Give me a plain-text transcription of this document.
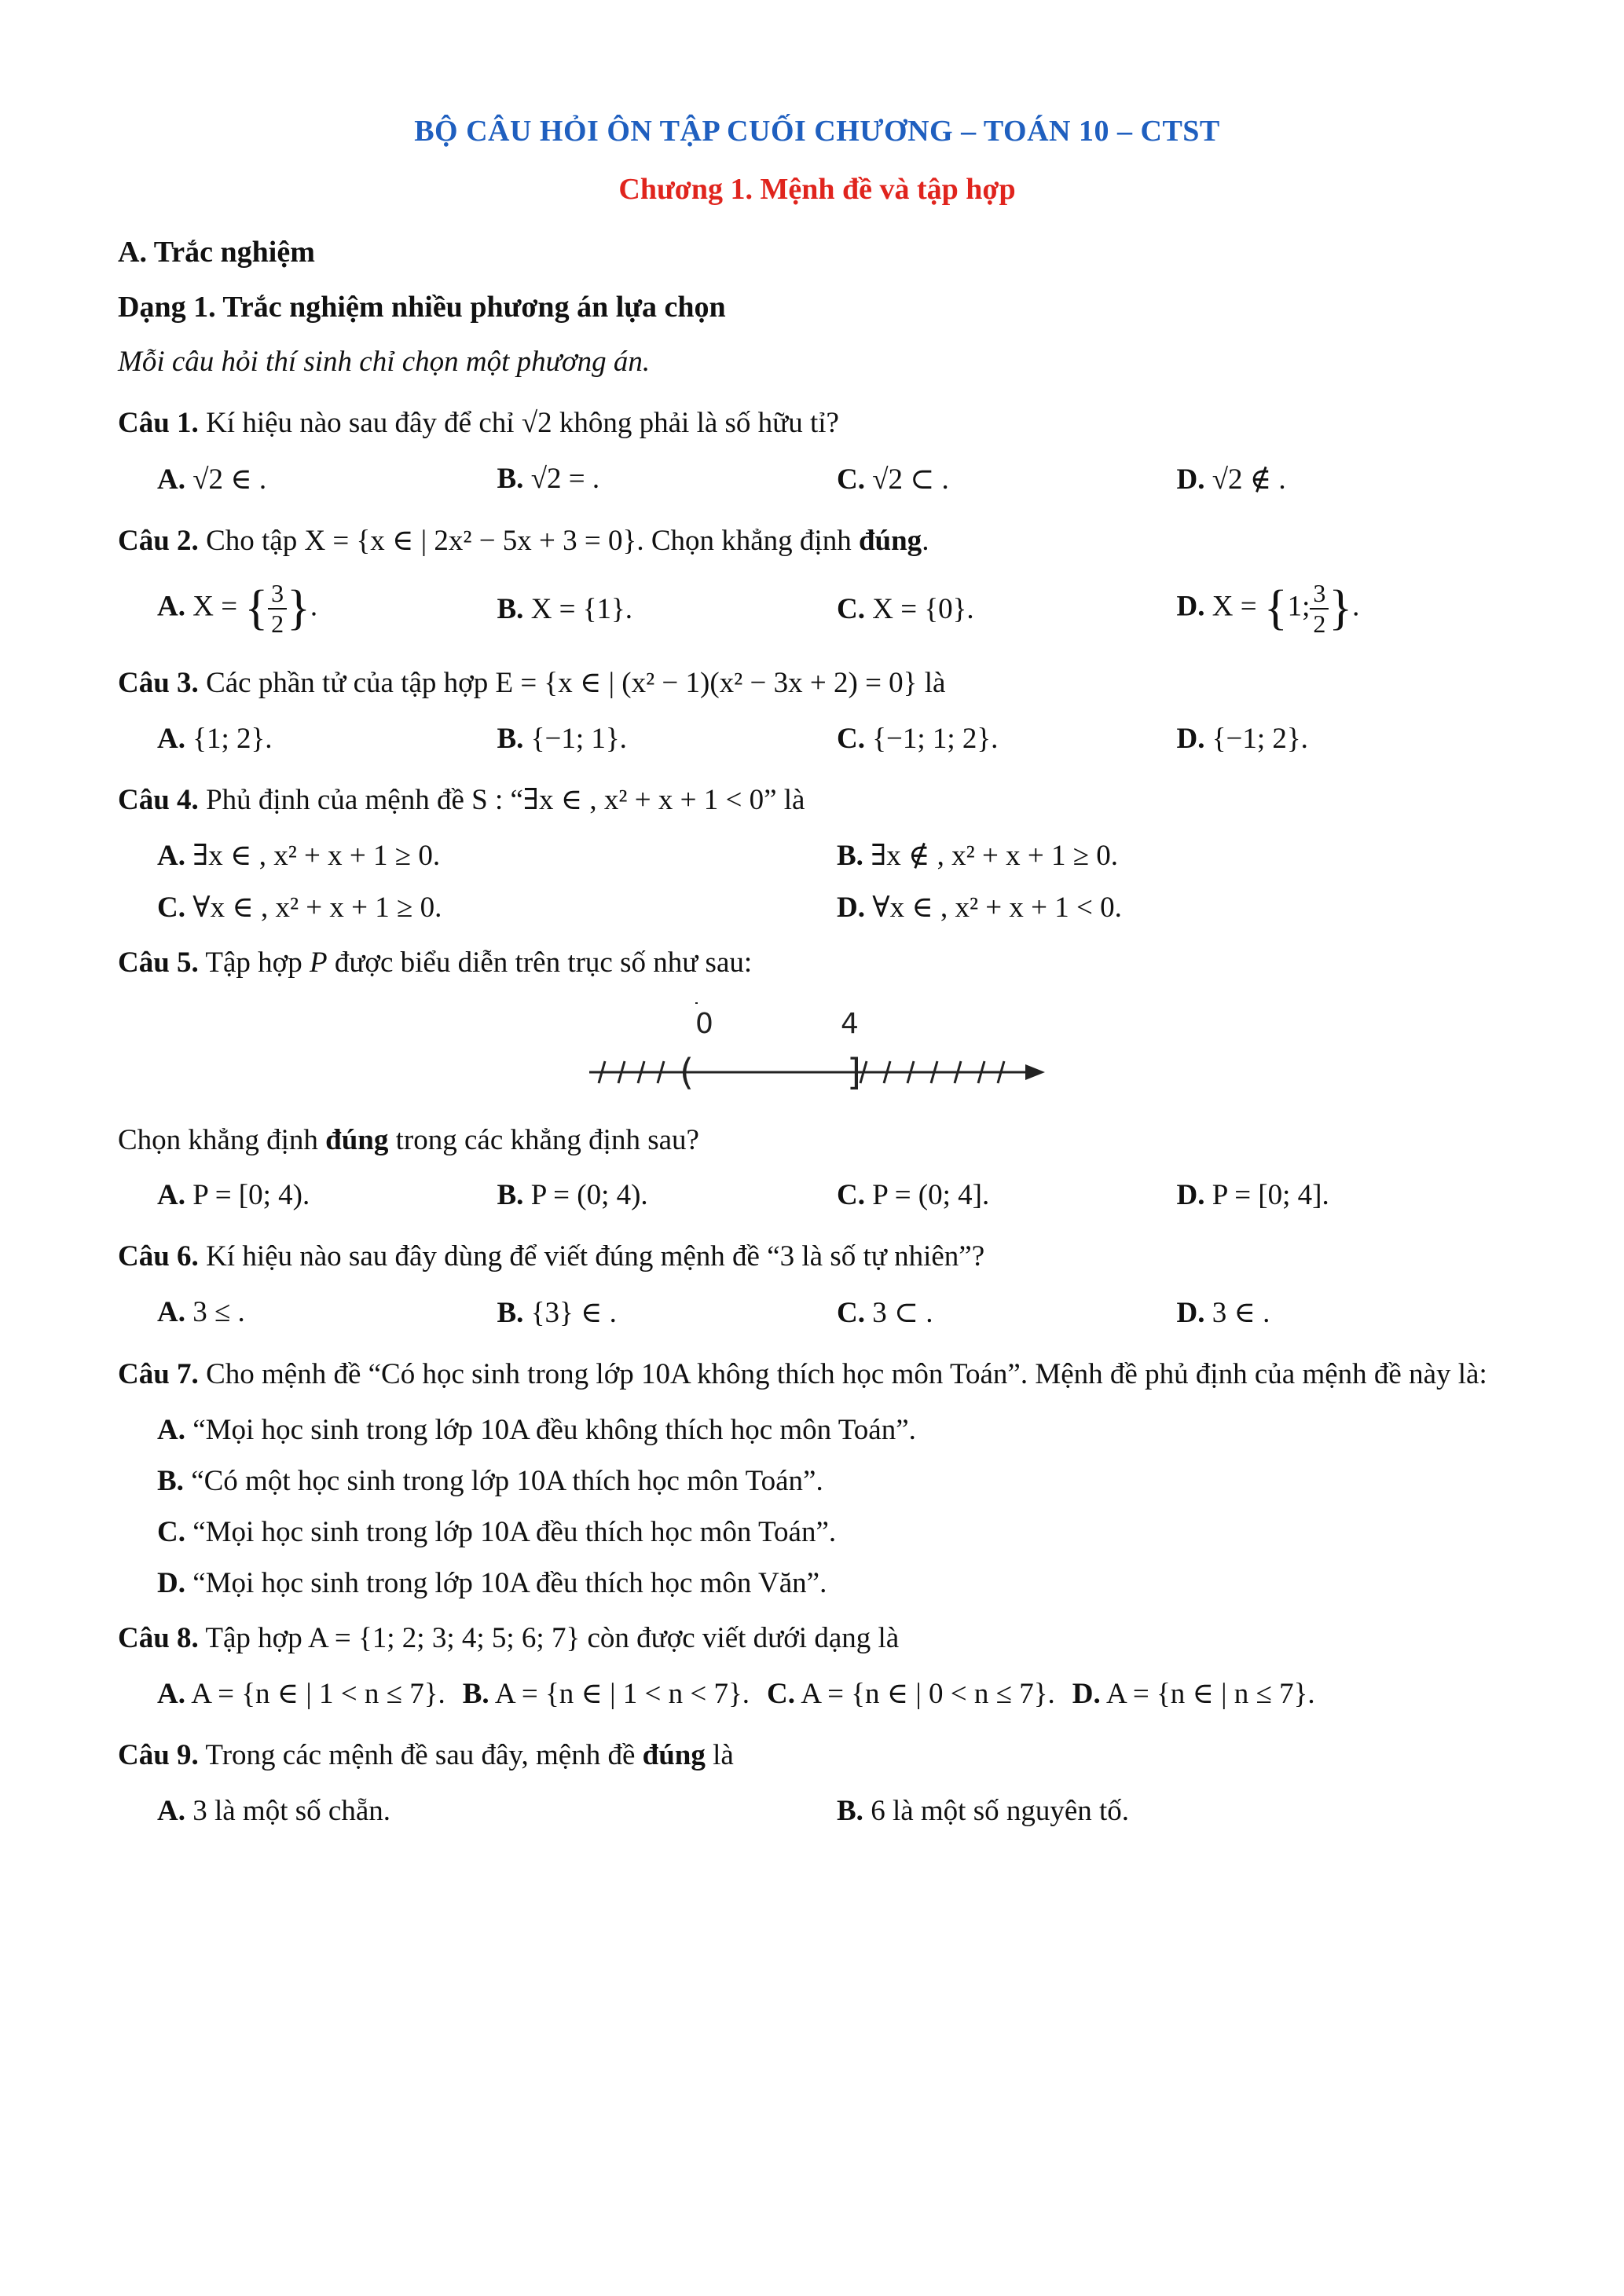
BỘ CÂU HỎI ÔN TẬP CUỐI CHƯƠNG – TOÁN 10 – CTST
Chương 1. Mệnh đề và tập hợp
A. Trắc nghiệm
Dạng 1. Trắc nghiệm nhiều phương án lựa chọn
Mỗi câu hỏi thí sinh chỉ chọn một phương án.
Câu 1. Kí hiệu nào sau đây để chỉ √2 không phải là số hữu tỉ?
A. √2 ∈ .	B. √2 = .	C. √2 ⊂ .	D. √2 ∉ .
Câu 2. Cho tập X = {x ∈ | 2x² − 5x + 3 = 0}. Chọn khẳng định đúng.
A. X = { $\frac{3}{2}$ }.	B. X = {1}.	C. X = {0}.	D. X = {1; $\frac{3}{2}$ }.
Câu 3. Các phần tử của tập hợp E = {x ∈ | (x² − 1)(x² − 3x + 2) = 0} là
A. {1; 2}.	B. {−1; 1}.	C. {−1; 1; 2}.	D. {−1; 2}.
Câu 4. Phủ định của mệnh đề S : “∃x ∈ , x² + x + 1 < 0” là
A. ∃x ∈ , x² + x + 1 ≥ 0.	B. ∃x ∉ , x² + x + 1 ≥ 0.
C. ∀x ∈ , x² + x + 1 ≥ 0.	D. ∀x ∈ , x² + x + 1 < 0.
Câu 5. Tập hợp P được biểu diễn trên trục số như sau:
0	4
(	]
Chọn khẳng định đúng trong các khẳng định sau?
A. P = [0; 4).	B. P = (0; 4).	C. P = (0; 4].	D. P = [0; 4].
Câu 6. Kí hiệu nào sau đây dùng để viết đúng mệnh đề “3 là số tự nhiên”?
A. 3 ≤ .	B. {3} ∈ .	C. 3 ⊂ .	D. 3 ∈ .
Câu 7. Cho mệnh đề “Có học sinh trong lớp 10A không thích học môn Toán”. Mệnh đề phủ định của mệnh đề này là:
A. “Mọi học sinh trong lớp 10A đều không thích học môn Toán”.
B. “Có một học sinh trong lớp 10A thích học môn Toán”.
C. “Mọi học sinh trong lớp 10A đều thích học môn Toán”.
D. “Mọi học sinh trong lớp 10A đều thích học môn Văn”.
Câu 8. Tập hợp A = {1; 2; 3; 4; 5; 6; 7} còn được viết dưới dạng là
A. A = {n ∈ | 1 < n ≤ 7}. B. A = {n ∈ | 1 < n < 7}. C. A = {n ∈ | 0 < n ≤ 7}. D. A = {n ∈ | n ≤ 7}.
Câu 9. Trong các mệnh đề sau đây, mệnh đề đúng là
A. 3 là một số chẵn.	B. 6 là một số nguyên tố.
